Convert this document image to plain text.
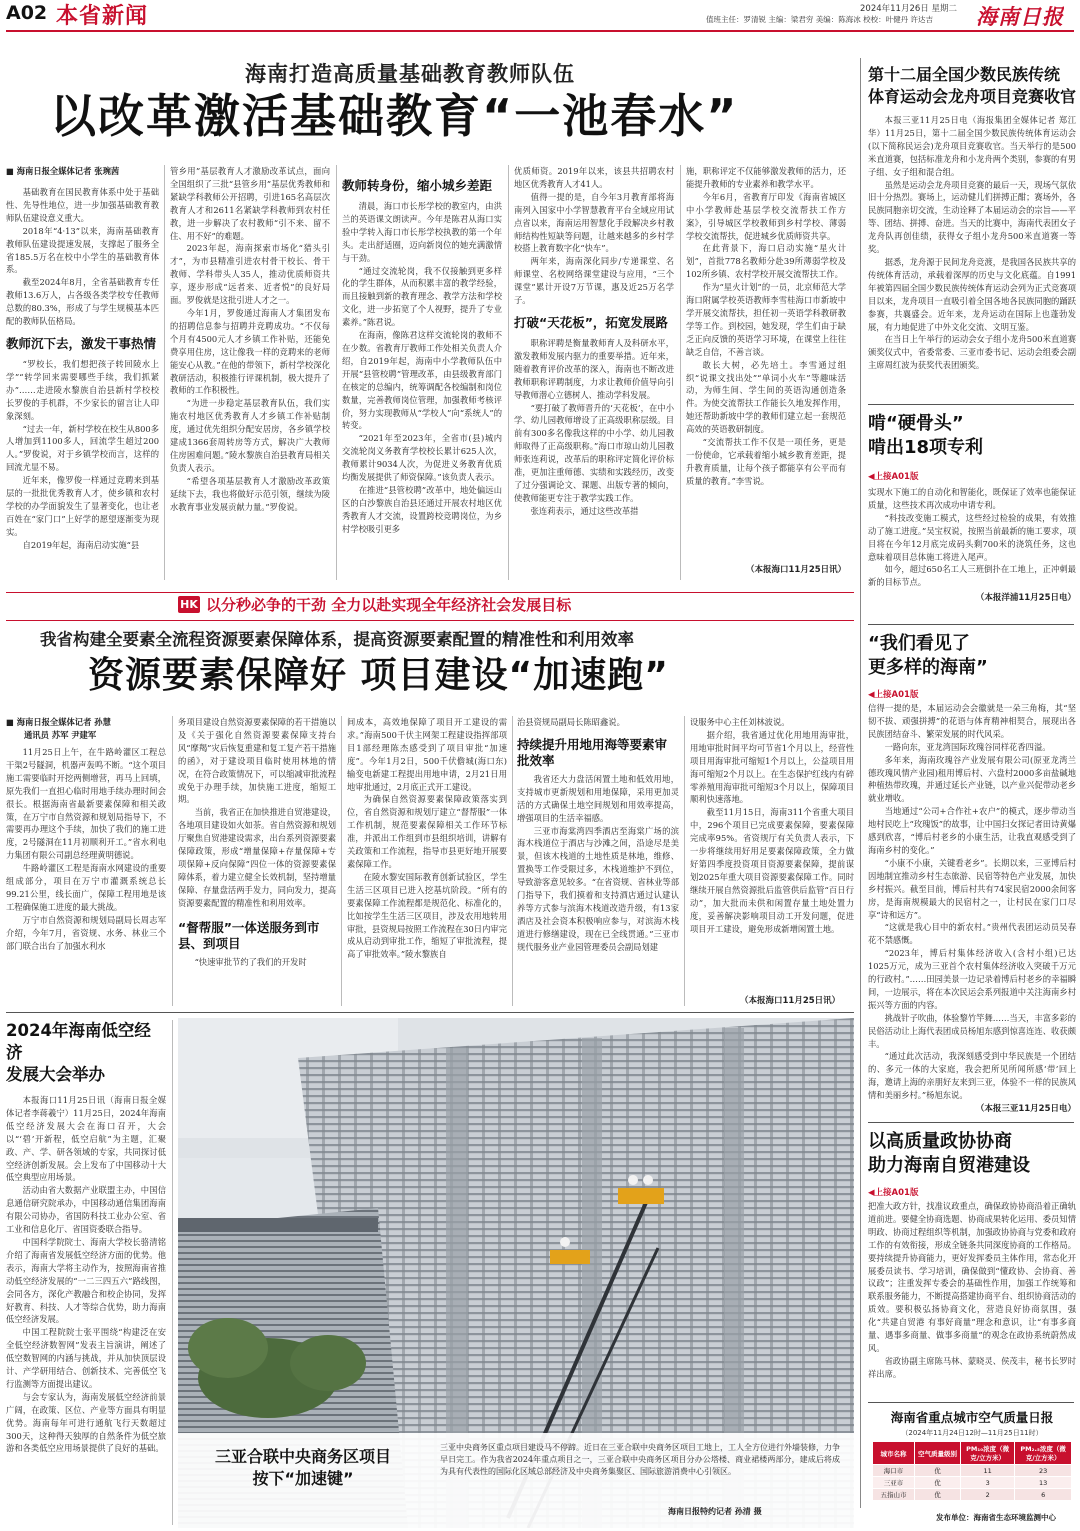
A02 本省新闻	2024年11月26日 星期二
值班主任：罗清锐 主编：梁君穷 美编：陈海冰 校校：叶健丹 许达吉	海南日报
海南打造高质量基础教育教师队伍
以改革激活基础教育“一池春水”
■ 海南日报全媒体记者 张琬茜

基础教育在国民教育体系中处于基础性、先导性地位，进一步加强基础教育教师队伍建设意义重大。

2018年“4·13”以来，海南基础教育教师队伍建设提速发展，支撑起了服务全省185.5万名在校中小学生的基础教育体系。

截至2024年8月，全省基础教育专任教师13.6万人，占各级各类学校专任教师总数的80.3%，形成了与学生规模基本匹配的教师队伍格局。

教师沉下去，激发干事热情

“罗校长，我们想把孩子转回陵水上学”“转学回来需要哪些手续，我们抓紧办”……走进陵水黎族自治县新村学校校长罗俊的手机群，不少家长的留言让人印象深刻。

“过去一年，新村学校在校生从800多人增加到1100多人，回流学生超过200人。”罗俊说，对于乡镇学校而言，这样的回流尤显不易。

近年来，像罗俊一样通过竞聘来到基层的一批批优秀教育人才，使乡镇和农村学校的办学面貌发生了显著变化，也让老百姓在“家门口”上好学的愿望逐渐变为现实。

自2019年起，海南启动实施“县

管乡用”基层教育人才激励改革试点，面向全国组织了三批“县管乡用”基层优秀教师和紧缺学科教师公开招聘，引进165名高层次教育人才和2611名紧缺学科教师到农村任教，进一步解决了农村教师“引不来、留不住、用不好”的难题。

2023年起，海南探索市场化“猎头引才”，为市县精准引进农村骨干校长、骨干教师、学科带头人35人，推动优质师资共享，逐步形成“远者来、近者悦”的良好局面。罗俊就是这批引进人才之一。

今年1月，罗俊通过海南人才集团发布的招聘信息参与招聘并竞聘成功。“不仅每个月有4500元人才乡镇工作补贴，还能免费享用住房，这让像我一样的竞聘来的老师能安心从教。”在他的带领下，新村学校深化教研活动，积极推行评课机制，极大提升了教师的工作积极性。

“为进一步稳定基层教育队伍，我们实施农村地区优秀教育人才乡镇工作补贴制度，通过优先组织分配安居房，各乡镇学校建成1366套周转房等方式，解决广大教师住房困难问题。”陵水黎族自治县教育局相关负责人表示。

“希望各项基层教育人才激励改革政策延续下去，我也将做好示范引领，继续为陵水教育事业发展贡献力量。”罗俊说。

教师转身份，缩小城乡差距

清晨，海口市长彤学校的教室内，由洪兰的英语课文朗读声。今年是陈君从海口实验中学转入海口市长彤学校执教的第一个年头。走出舒适圈，迈向新岗位的她充满激情与干劲。

“通过交流轮岗，我不仅接触到更多样化的学生群体，从而积累丰富的教学经验，而且接触到新的教育理念、教学方法和学校文化，进一步拓宽了个人视野，提升了专业素养。”陈君说。

在海南，像陈君这样交流轮岗的教师不在少数。省教育厅教师工作处相关负责人介绍，自2019年起，海南中小学教师队伍中开展“县管校聘”管理改革，由县级教育部门在核定的总编内，统筹调配各校编制和岗位数量，完善教师岗位管理，加强教师考核评价，努力实现教师从“学校人”向“系统人”的转变。

“2021年至2023年，全省市(县)城内交流轮岗义务教育学校校长累计625人次，教师累计9034人次，为促进义务教育优质均衡发展提供了师资保障。”该负责人表示。

在推进“县管校聘”改革中，地处偏远山区的白沙黎族自治县还通过开展农村地区优秀教育人才交流，设置跨校竞聘岗位，为乡村学校吸引更多

优质师资。2019年以来，该县共招聘农村地区优秀教育人才41人。

值得一提的是，自今年3月教育部将海南列入国家中小学智慧教育平台全域应用试点省以来，海南运用智慧化手段解决乡村教师结构性短缺等问题，让越来越多的乡村学校搭上教育数字化“快车”。

两年来，海南深化同步/专递课堂、名师课堂、名校网络课堂建设与应用，“三个课堂”累计开设7万节课，惠及近25万名学子。

打破“天花板”，拓宽发展路

职称评聘是衡量教师育人及科研水平，激发教师发展内驱力的重要举措。近年来，随着教育评价改革的深入，海南也不断改进教师职称评聘制度，力求让教师价值导向引导教师潜心立德树人、推动学科发展。

“要打破了教师晋升的‘天花板’，在中小学、幼儿园教师增设了正高级职称层级。目前有300多名像我这样的中小学、幼儿园教师取得了正高级职称。”海口市琼山幼儿园教师张连莉说，改革后的职称评定简化评价标准，更加注重师德、实绩和实践经历，改变了过分强调论文、课题、出版专著的倾向，使教师能更专注于教学实践工作。

张连莉表示，通过这些改革措

施，职称评定不仅能够激发教师的活力，还能提升教师的专业素养和教学水平。

今年6月，省教育厅印发《海南省城区中小学教师赴基层学校交流帮扶工作方案》，引导城区学校教师到乡村学校、薄弱学校交流帮扶，促进城乡优质师资共享。

在此背景下，海口启动实施“星火计划”，首批778名教师分赴39所薄弱学校及102所乡镇、农村学校开展交流帮扶工作。

作为“星火计划”的一员，北京师范大学海口附属学校英语教师李雪桂海口市新坡中学开展交流帮扶，担任初一英语学科教研教学等工作。到校园，她发现，学生们由于缺乏正向反馈的英语学习环境，在课堂上往往缺乏自信，不善言谈。

敢长大树，必先培土。李雪通过组织“说课文找出处”“单词小火车”等趣味活动，为师生间、学生间的英语沟通创造条件。为使交流帮扶工作能长久地发挥作用，她还帮助新坡中学的教师们建立起一套规范高效的英语教研制度。

“交流帮扶工作不仅是一项任务，更是一份使命，它承载着缩小城乡教育差距，提升教育质量，让每个孩子都能享有公平而有质量的教育。”李雪说。

（本报海口11月25日讯）
第十二届全国少数民族传统
体育运动会龙舟项目竞赛收官

本报三亚11月25日电（海报集团全媒体记者 郑江华）11月25日，第十二届全国少数民族传统体育运动会(以下简称民运会)龙舟项目竞赛收官。当天举行的是500米直道赛，包括标准龙舟和小龙舟两个类别，参赛的有男子组、女子组和混合组。

虽然是运动会龙舟项目竞赛的最后一天，现场气氛依旧十分热烈。赛场上，运动健儿们拼搏正酣；赛场外，各民族同胞亲切交流，生动诠释了本届运动会的宗旨——平等、团结、拼搏、奋进。当天的比赛中，海南代表团女子龙舟队再创佳绩，获得女子组小龙舟500米直道赛一等奖。

据悉，龙舟源于民间龙舟竞渡，是我国各民族共享的传统体育活动，承载着深厚的历史与文化底蕴。自1991年被第四届全国少数民族传统体育运动会列为正式竞赛项目以来，龙舟项目一直吸引着全国各地各民族同胞的踊跃参赛，共襄盛会。近年来，龙舟运动在国际上也蓬勃发展，有力地促进了中外文化交流、文明互鉴。

在当日上午举行的运动会女子组小龙舟500米直道赛颁奖仪式中，省委常委、三亚市委书记、运动会组委会副主席周红波为获奖代表团颁奖。

啃“硬骨头”
啃出18项专利
◀上接A01版

实现水下施工的自动化和智能化，既保证了效率也能保证质量，这些技术再次成功申请专利。

“科技改变施工模式，这些经过检验的成果，有效推动了施工进度。”吴宝权说，按照当前最新的施工要求，项目将在今年12月底完成码头剩700米的浇筑任务，这也意味着项目总体施工将进入尾声。

如今，超过650名工人三班倒扑在工地上，正冲刺最新的目标节点。

（本报洋浦11月25日电）
“我们看见了
更多样的海南”
◀上接A01版

信得一提的是，本届运动会会徽就是一朵三角梅，其“坚韧不拔、顽强拼搏”的花语与体育精神相契合，展现出各民族团结奋斗、繁荣发展的时代风采。

一路向东，亚龙湾国际玫瑰谷同样花香四溢。

多年来，海南玫瑰谷产业发展有限公司(原亚龙湾兰德玫瑰风情产业园)租用博后村、六盘村2000多亩盐碱地种植热带玫瑰，并通过延长产业链，以产业兴促带动老乡就业增收。

当地通过“公司+合作社+农户”的模式，逐步带动当地村民吃上“玫瑰饭”的故事，让中国扫女探记者田诗黄爆感到欣喜，“博后村老乡的小康生活，让我直观感受到了海南乡村的变化。”

“小康不小康，关键看老乡”。长期以来，三亚博后村因地制宜推动乡村生态旅游、民宿等特色产业发展，加快乡村振兴。截至目前，博后村共有74家民宿2000余间客房，是海南规模最大的民宿村之一，让村民在家门口尽享“诗和远方”。

“这就是我心目中的新农村。”贵州代表团运动员吴春花不禁感慨。

“2023年，博后村集体经济收入(含村小组)已达1025万元，成为三亚首个农村集体经济收入突破千万元的行政村。”……田园美景一边记录着博后村老乡的幸福瞬间，一边展示，将在本次民运会系列报道中关注海南乡村振兴等方面的内容。

挑战针子吹曲，体验黎竹竿舞……当天，丰富多彩的民俗活动让上海代表团成员杨旭东感到惊喜连连、收获颇丰。

“通过此次活动，我深刻感受到中华民族是一个团结的、多元一体的大家庭，我会把所见所闻所感‘带’回上海，邀请上海的亲朋好友来到三亚，体验不一样的民族风情和美丽乡村。”杨旭东说。

（本报三亚11月25日电）
以高质量政协协商
助力海南自贸港建设
◀上接A01版

把准大政方针，找准议政重点，确保政协协商沿着正确轨道前进。要健全协商选题、协商成果转化运用、委员知情明政、协商过程组织等机制，加强政协协商与党委和政府工作的有效衔接，形成全链条共同深度协商的工作格局。要持续提升协商能力，更好发挥委员主体作用，常态化开展委员读书、学习培训，确保做到“懂政协、会协商、善议政”；注重发挥专委会的基础性作用，加强工作统筹和联系服务能力，不断提高搭建协商平台、组织协商活动的质效。要积极弘扬协商文化，营造良好协商氛围，强化“共建自贸港 有事好商量”理念和意识，让“有事多商量、遇事多商量、做事多商量”的观念在政协系统蔚然成风。

省政协副主席陈马林、蒙晓灵、侯茂丰，秘书长罗时祥出席。

海南省重点城市空气质量日报
（2024年11月24日12时—11月25日11时）
城市名称	空气质量级别	PM₁₀浓度（微克/立方米）	PM₂.₅浓度（微克/立方米）
海口市	优	11	23
三亚市	优	3	13
五指山市	优	2	6
发布单位：海南省生态环境监测中心
HK 以分秒必争的干劲 全力以赴实现全年经济社会发展目标
我省构建全要素全流程资源要素保障体系，提高资源要素配置的精准性和利用效率
资源要素保障好 项目建设“加速跑”
■ 海南日报全媒体记者 孙慧
通讯员 苏军 尹建军

11月25日上午，在牛路岭灌区工程总干渠2号隧洞，机器声轰鸣不断。“这个项目施工需要临时开挖两侧增营，再马上回填，原先我们一直担心临时用地手续办理时间会很长。根据海南省最新要素保障和相关政策，在万宁市自然资源和规划局指导下，不需要再办理这个手续，加快了我们的施工进度，2号隧洞在11月初顺利开工。”省水利电力集团有限公司副总经理黄明德说。

牛路岭灌区工程是海南水网建设的重要组成部分，项目在万宁市灌溉系统总长99.21公里，线长面广，保障工程用地是该工程确保施工进度的最大挑战。

万宁市自然资源和规划局副局长周志军介绍，今年7月，省资规、水务、林业三个部门联合出台了加强水利水

务项目建设自然资源要素保障的若干措施以及《关于强化自然资源要素保障支持台风“摩羯”灾后恢复重建和复工复产若干措施的函》，对于建设项目临时使用林地的情况，在符合政策情况下，可以缩减审批流程或免于办理手续，加快施工进度，缩短工期。

当前，我省正在加快推进自贸港建设，各地项目建设如火如荼。省自然资源和规划厅聚焦自贸港建设需求，出台系列资源要素保障政策，形成“增量保障+存量保障+专项保障+反向保障”四位一体的资源要素保障体系，着力建立健全长效机制，坚持增量保障、存量盘活两手发力，同向发力，提高资源要素配置的精准性和利用效率。

“督帮服”一体送服务到市县、到项目

“快速审批节约了我们的开发时

间成本，高效地保障了项目开工建设的需求。”海南500千伏主网架工程建设指挥部项目1部经理陈杰感受到了项目审批“加速度”。今年1月2日，500千伏儋城(海口东)输变电新建工程提出用地申请，2月21日用地审批通过，2月底正式开工建设。

为确保自然资源要素保障政策落实到位，省自然资源和规划厅建立“督帮服”一体工作机制，规范要素保障相关工作环节标准，并派出工作组到市县组织培训，讲解有关政策和工作流程，指导市县更好地开展要素保障工作。

在陵水黎安国际教育创新试验区，学生生活三区项目已进入挖基坑阶段。“所有的要素保障工作流程都是规范化、标准化的，比如按学生生活三区项目，涉及农用地转用审批，县资规局按照工作流程在30日内审完成从启动到审批工作，缩短了审批流程，提高了审批效率。”陵水黎族自

治县资规局副局长陈昭鑫说。

持续提升用地用海等要素审批效率

我省还大力盘活闲置土地和低效用地，支持城市更新规划和用地保障，采用更加灵活的方式确保土地空间规划和用效率提高，增强项目的生活幸福感。

三亚市海棠湾四季酒店至海棠广场的滨海木栈道位于酒店与沙滩之间，沿途尽是美景，但该木栈道的土地性质是林地，维修、置换等工作受限过多，木栈道维护不到位，导致游客意见较多。“在省资规、省林业等部门指导下，我们摸着和支持酒店通过认建认养等方式参与滨海木栈道改造升级，有13家酒店及社会资本积极响应参与，对滨海木栈道进行修缮建设，现在已全线贯通。”三亚市规代服务业产业园管理委员会副局划建

设服务中心主任刘林波说。

据介绍，我省通过优化用地用海审批，用地审批时间平均可节省1个月以上，经营性项目用海审批可缩短1个月以上，公益项目用海可缩短2个月以上。在生态保护红线内有碎零养殖用海审批可缩短3个月以上，保障项目顺利快速落地。

截至11月15日，海南311个省重大项目中，296个项目已完成要素保障，要素保障完成率95%。省资规厅有关负责人表示，下一步将继续用好用足要素保障政策，全力做好第四季度投资项目资源要素保障，提前谋划2025年重大项目资源要素保障工作。同时继续开展自然资源批后监管供后监管“百日行动”，加大批而未供和闲置存量土地处置力度，妥善解决影响项目动工开发问题，促进项目开工建设，避免形成新增闲置土地。

（本报海口11月25日讯）
2024年海南低空经济
发展大会举办

本报海口11月25日讯（海南日报全媒体记者李蒋羲宁）11月25日，2024年海南低空经济发展大会在海口召开，大会以“‘碧’开新程，低空启航”为主题，汇聚政、产、学、研各领域的专家，共同探讨低空经济创新发展。会上发布了中国移动十大低空典型应用场景。

活动由省大数据产业联盟主办，中国信息通信研究院承办，中国移动通信集团海南有限公司协办，省国防科技工业办公室、省工业和信息化厅、省国资委联合指导。

中国科学院院士、海南大学校长骆清铭介绍了海南省发展低空经济方面的优势。他表示，海南大学将主动作为，按照海南省推动低空经济发展的“一二三四五六”路线图，会同各方，深化产教融合和校企协同，发挥好教育、科技、人才等综合优势，助力海南低空经济发展。

中国工程院院士张平围绕“构建泛在安全低空经济数智网”发表主旨演讲，阐述了低空数智网的内涵与挑战，并从加快顶层设计、产学研用结合、创新技术、完善低空飞行监测等方面提出建议。

与会专家认为，海南发展低空经济前景广阔，在政策、区位、产业等方面具有明显优势。海南每年可进行通航飞行天数超过300天，这种得天独厚的自然条件为低空旅游和各类低空应用场景提供了良好的基础。	三亚合联中央商务区项目
按下“加速键”

三亚中央商务区重点项目建设马不停蹄。近日在三亚合联中央商务区项目工地上，工人全方位进行外墙装修，力争早日完工。作为我省2024年重点项目之一，三亚合联中央商务区项目分办公塔楼、商业裙楼两部分，建成后将成为具有代表性的国际化区域总部经济及中央商务集聚区、国际旅游消费中心引领区。

海南日报特约记者 孙清 摄
